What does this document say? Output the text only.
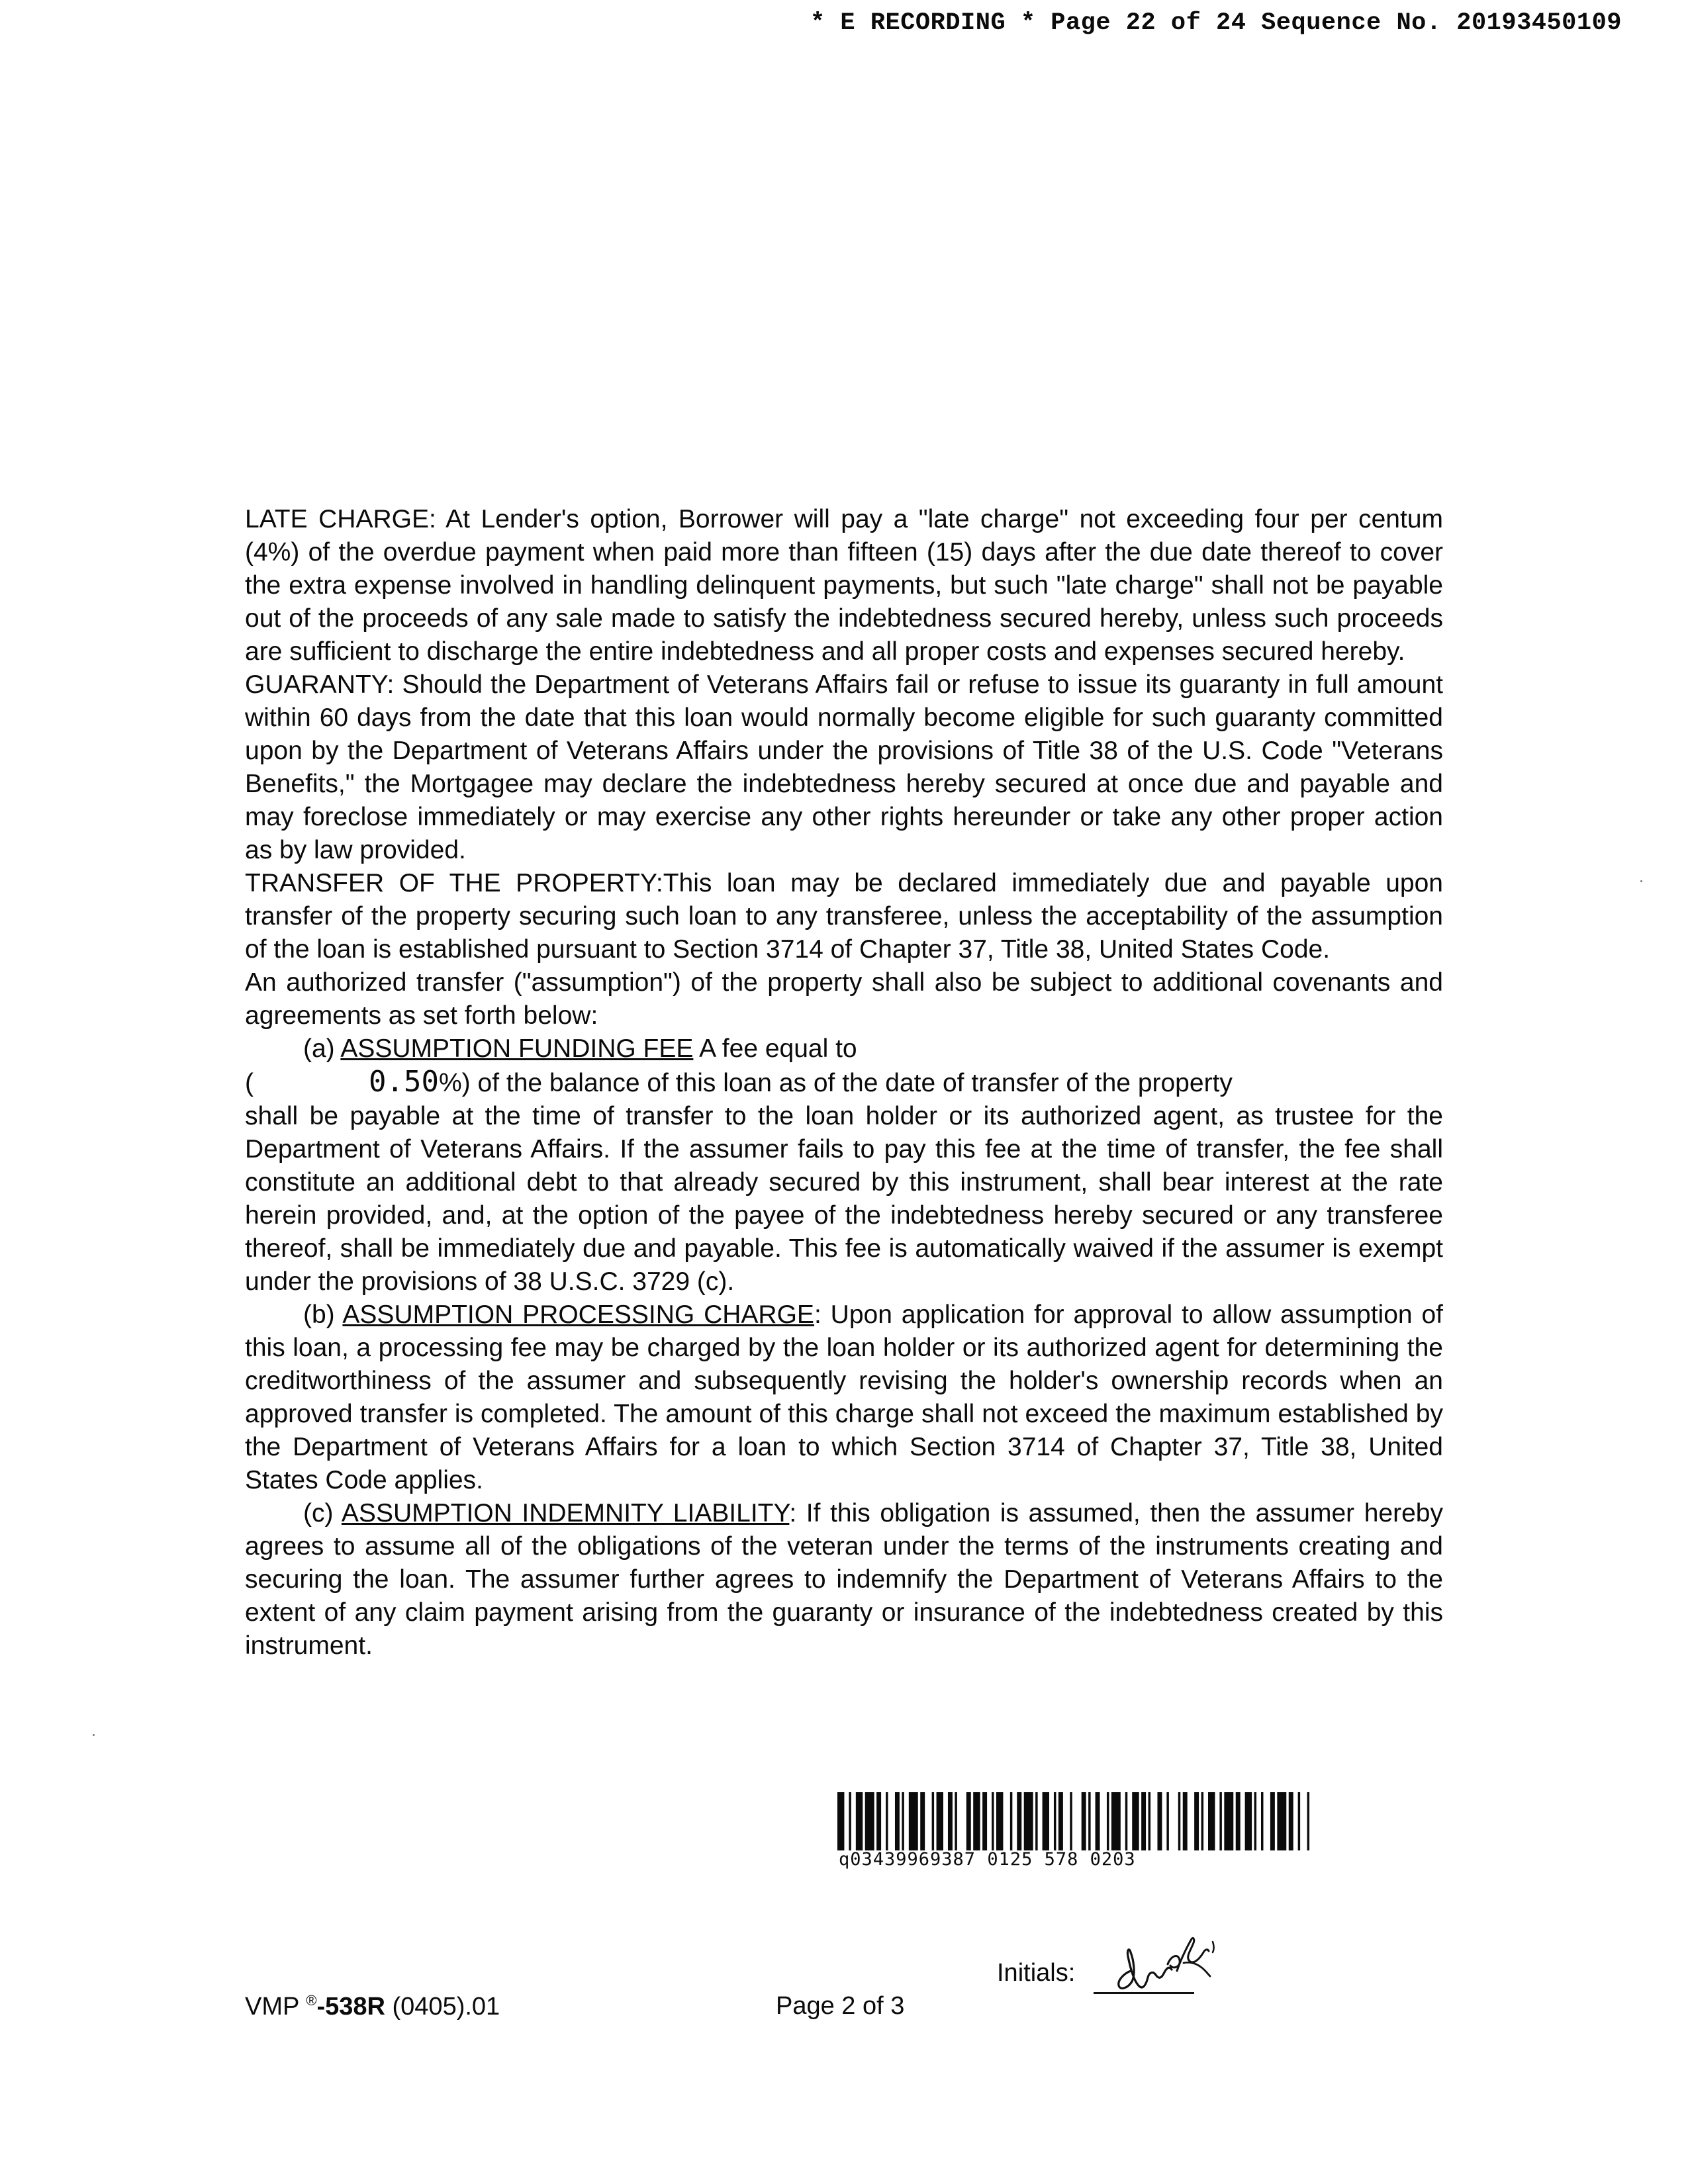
* E RECORDING * Page 22 of 24 Sequence No. 20193450109

LATE CHARGE: At Lender's option, Borrower will pay a "late charge" not exceeding four per centum (4%) of the overdue payment when paid more than fifteen (15) days after the due date thereof to cover the extra expense involved in handling delinquent payments, but such "late charge" shall not be payable out of the proceeds of any sale made to satisfy the indebtedness secured hereby, unless such proceeds are sufficient to discharge the entire indebtedness and all proper costs and expenses secured hereby.

GUARANTY: Should the Department of Veterans Affairs fail or refuse to issue its guaranty in full amount within 60 days from the date that this loan would normally become eligible for such guaranty committed upon by the Department of Veterans Affairs under the provisions of Title 38 of the U.S. Code "Veterans Benefits," the Mortgagee may declare the indebtedness hereby secured at once due and payable and may foreclose immediately or may exercise any other rights hereunder or take any other proper action as by law provided.

TRANSFER OF THE PROPERTY:This loan may be declared immediately due and payable upon transfer of the property securing such loan to any transferee, unless the acceptability of the assumption of the loan is established pursuant to Section 3714 of Chapter 37, Title 38, United States Code.

An authorized transfer ("assumption") of the property shall also be subject to additional covenants and agreements as set forth below:

(a) ASSUMPTION FUNDING FEE A fee equal to

(	0.50%) of the balance of this loan as of the date of transfer of the property

shall be payable at the time of transfer to the loan holder or its authorized agent, as trustee for the Department of Veterans Affairs. If the assumer fails to pay this fee at the time of transfer, the fee shall constitute an additional debt to that already secured by this instrument, shall bear interest at the rate herein provided, and, at the option of the payee of the indebtedness hereby secured or any transferee thereof, shall be immediately due and payable. This fee is automatically waived if the assumer is exempt under the provisions of 38 U.S.C. 3729 (c).

(b) ASSUMPTION PROCESSING CHARGE: Upon application for approval to allow assumption of this loan, a processing fee may be charged by the loan holder or its authorized agent for determining the creditworthiness of the assumer and subsequently revising the holder's ownership records when an approved transfer is completed. The amount of this charge shall not exceed the maximum established by the Department of Veterans Affairs for a loan to which Section 3714 of Chapter 37, Title 38, United States Code applies.

(c) ASSUMPTION INDEMNITY LIABILITY: If this obligation is assumed, then the assumer hereby agrees to assume all of the obligations of the veteran under the terms of the instruments creating and securing the loan. The assumer further agrees to indemnify the Department of Veterans Affairs to the extent of any claim payment arising from the guaranty or insurance of the indebtedness created by this instrument.

q03439969387 0125 578 0203
VMP ®-538R (0405).01	Page 2 of 3
Initials:
